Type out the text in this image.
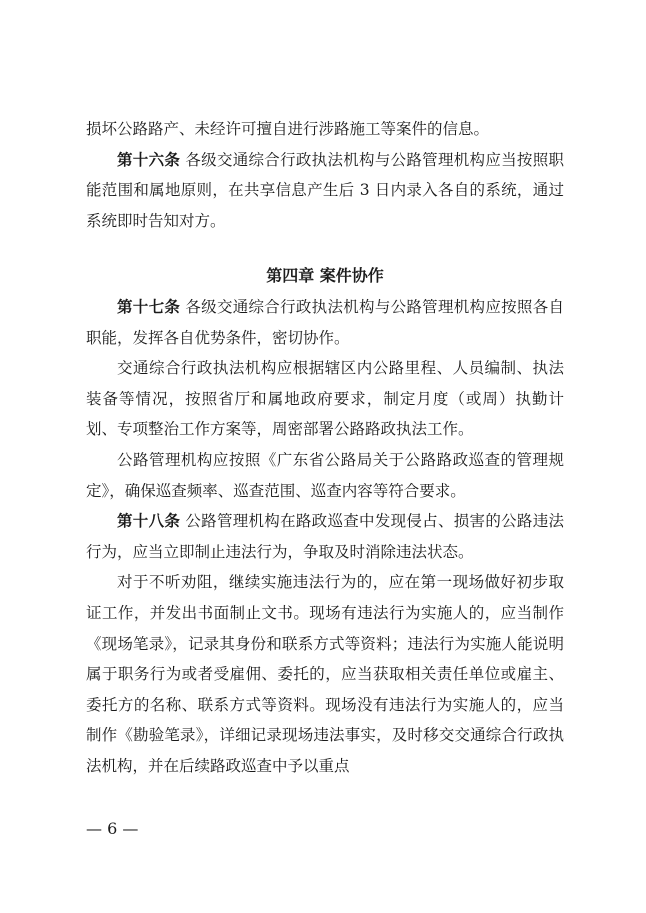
损坏公路路产、未经许可擅自进行涉路施工等案件的信息。

第十六条 各级交通综合行政执法机构与公路管理机构应当按照职能范围和属地原则，在共享信息产生后 3 日内录入各自的系统，通过系统即时告知对方。

第四章 案件协作

第十七条 各级交通综合行政执法机构与公路管理机构应按照各自职能，发挥各自优势条件，密切协作。

交通综合行政执法机构应根据辖区内公路里程、人员编制、执法装备等情况，按照省厅和属地政府要求，制定月度（或周）执勤计划、专项整治工作方案等，周密部署公路路政执法工作。

公路管理机构应按照《广东省公路局关于公路路政巡查的管理规定》，确保巡查频率、巡查范围、巡查内容等符合要求。

第十八条 公路管理机构在路政巡查中发现侵占、损害的公路违法行为，应当立即制止违法行为，争取及时消除违法状态。

对于不听劝阻，继续实施违法行为的，应在第一现场做好初步取证工作，并发出书面制止文书。现场有违法行为实施人的，应当制作《现场笔录》，记录其身份和联系方式等资料；违法行为实施人能说明属于职务行为或者受雇佣、委托的，应当获取相关责任单位或雇主、委托方的名称、联系方式等资料。现场没有违法行为实施人的，应当制作《勘验笔录》，详细记录现场违法事实，及时移交交通综合行政执法机构，并在后续路政巡查中予以重点

— 6 —
